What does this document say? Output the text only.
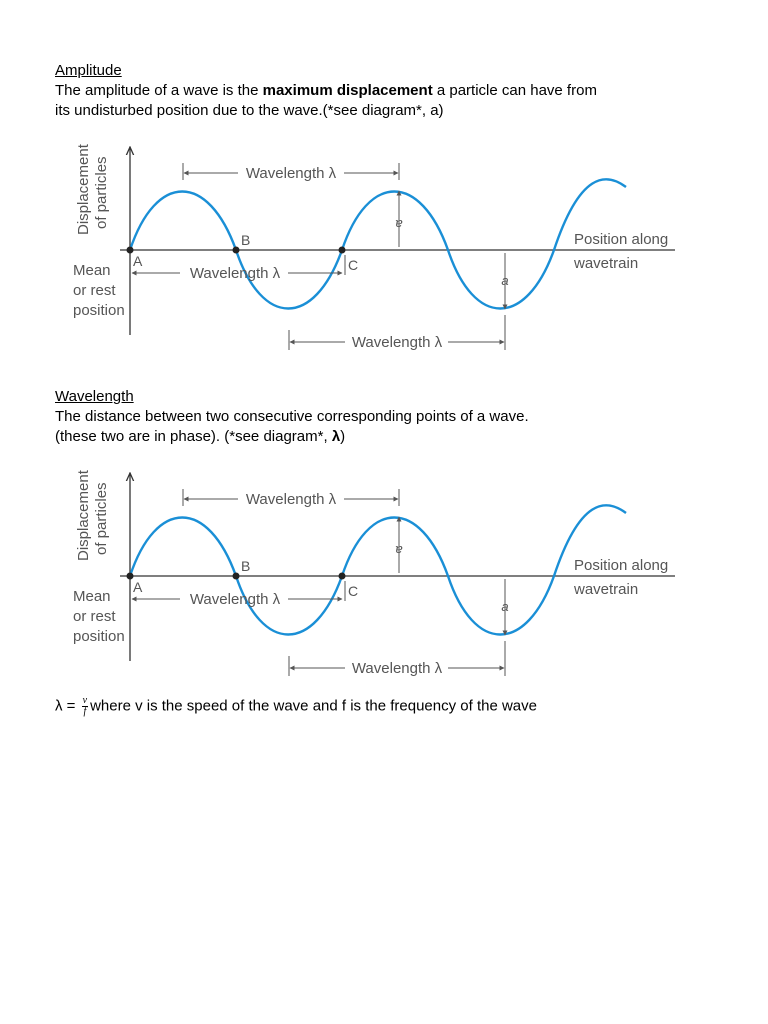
Amplitude
The amplitude of a wave is the maximum displacement a particle can have from
its undisturbed position due to the wave.(*see diagram*, a)
Displacement of particles
A
B
C
Wavelength λ
Wavelength λ
Wavelength λ
a
a
Mean
or rest
position
Position along
wavetrain
Wavelength
The distance between two consecutive corresponding points of a wave.
(these two are in phase). (*see diagram*, λ)
Displacement of particles
A
B
C
Wavelength λ
Wavelength λ
Wavelength λ
a
a
Mean
or rest
position
Position along
wavetrain
$\lambda = \frac{v}{f}$ where v is the speed of the wave and f is the frequency of the wave
